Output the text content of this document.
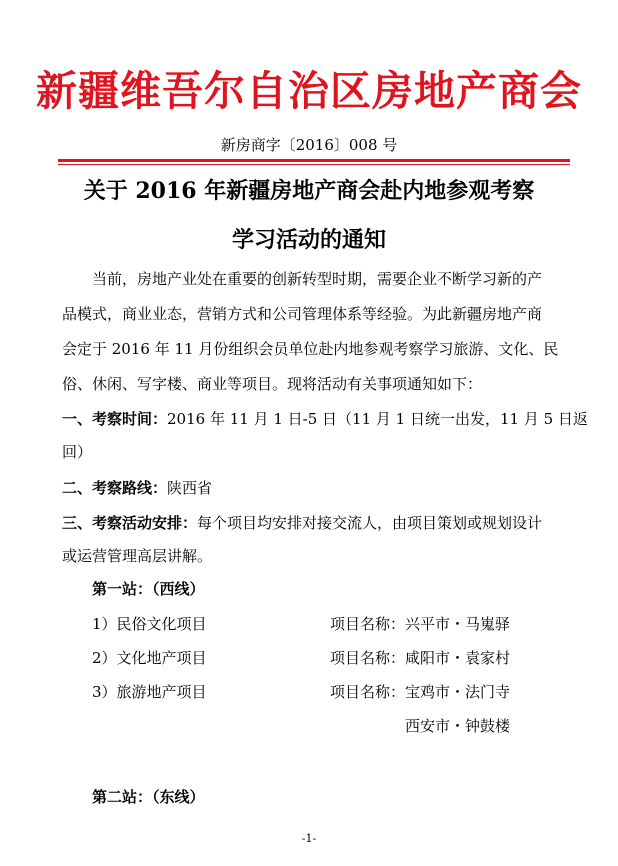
新疆维吾尔自治区房地产商会
新房商字〔2016〕008 号
关于 2016 年新疆房地产商会赴内地参观考察
学习活动的通知
当前，房地产业处在重要的创新转型时期，需要企业不断学习新的产
品模式，商业业态，营销方式和公司管理体系等经验。为此新疆房地产商
会定于 2016 年 11 月份组织会员单位赴内地参观考察学习旅游、文化、民
俗、休闲、写字楼、商业等项目。现将活动有关事项通知如下：
一、考察时间：2016 年 11 月 1 日-5 日（11 月 1 日统一出发，11 月 5 日返
回）
二、考察路线：陕西省
三、考察活动安排：每个项目均安排对接交流人，由项目策划或规划设计
或运营管理高层讲解。
第一站：（西线）
1）民俗文化项目	项目名称：兴平市・马嵬驿
2）文化地产项目	项目名称：咸阳市・袁家村
3）旅游地产项目	项目名称：宝鸡市・法门寺
西安市・钟鼓楼
第二站：（东线）
-1-
